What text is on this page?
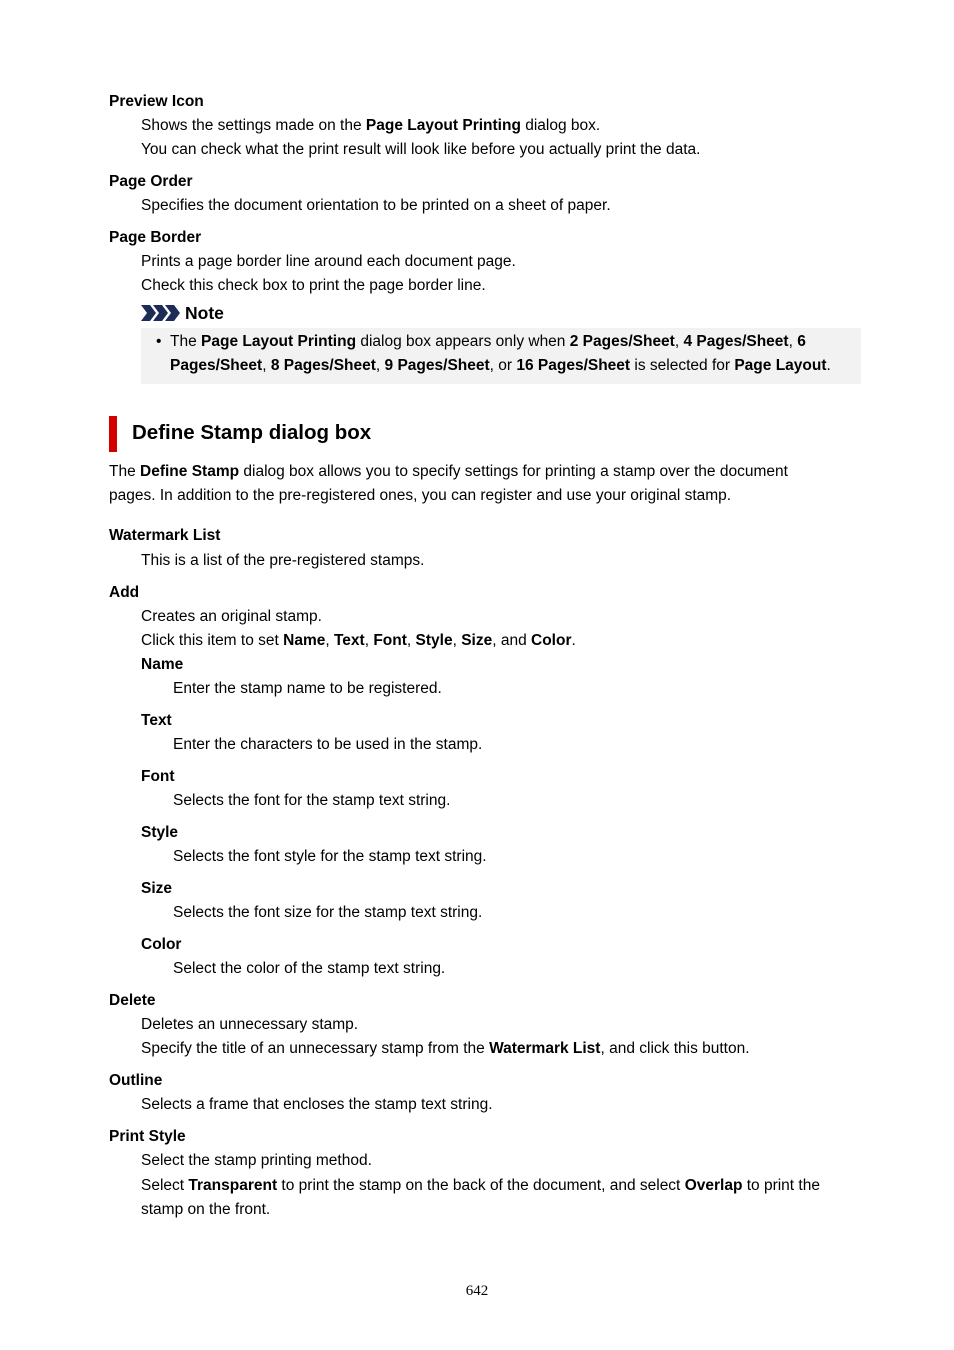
Preview Icon
Shows the settings made on the Page Layout Printing dialog box.
You can check what the print result will look like before you actually print the data.
Page Order
Specifies the document orientation to be printed on a sheet of paper.
Page Border
Prints a page border line around each document page.
Check this check box to print the page border line.
Note
• The Page Layout Printing dialog box appears only when 2 Pages/Sheet, 4 Pages/Sheet, 6
Pages/Sheet, 8 Pages/Sheet, 9 Pages/Sheet, or 16 Pages/Sheet is selected for Page Layout.
Define Stamp dialog box
The Define Stamp dialog box allows you to specify settings for printing a stamp over the document
pages. In addition to the pre-registered ones, you can register and use your original stamp.
Watermark List
This is a list of the pre-registered stamps.
Add
Creates an original stamp.
Click this item to set Name, Text, Font, Style, Size, and Color.
Name
Enter the stamp name to be registered.
Text
Enter the characters to be used in the stamp.
Font
Selects the font for the stamp text string.
Style
Selects the font style for the stamp text string.
Size
Selects the font size for the stamp text string.
Color
Select the color of the stamp text string.
Delete
Deletes an unnecessary stamp.
Specify the title of an unnecessary stamp from the Watermark List, and click this button.
Outline
Selects a frame that encloses the stamp text string.
Print Style
Select the stamp printing method.
Select Transparent to print the stamp on the back of the document, and select Overlap to print the
stamp on the front.
642
